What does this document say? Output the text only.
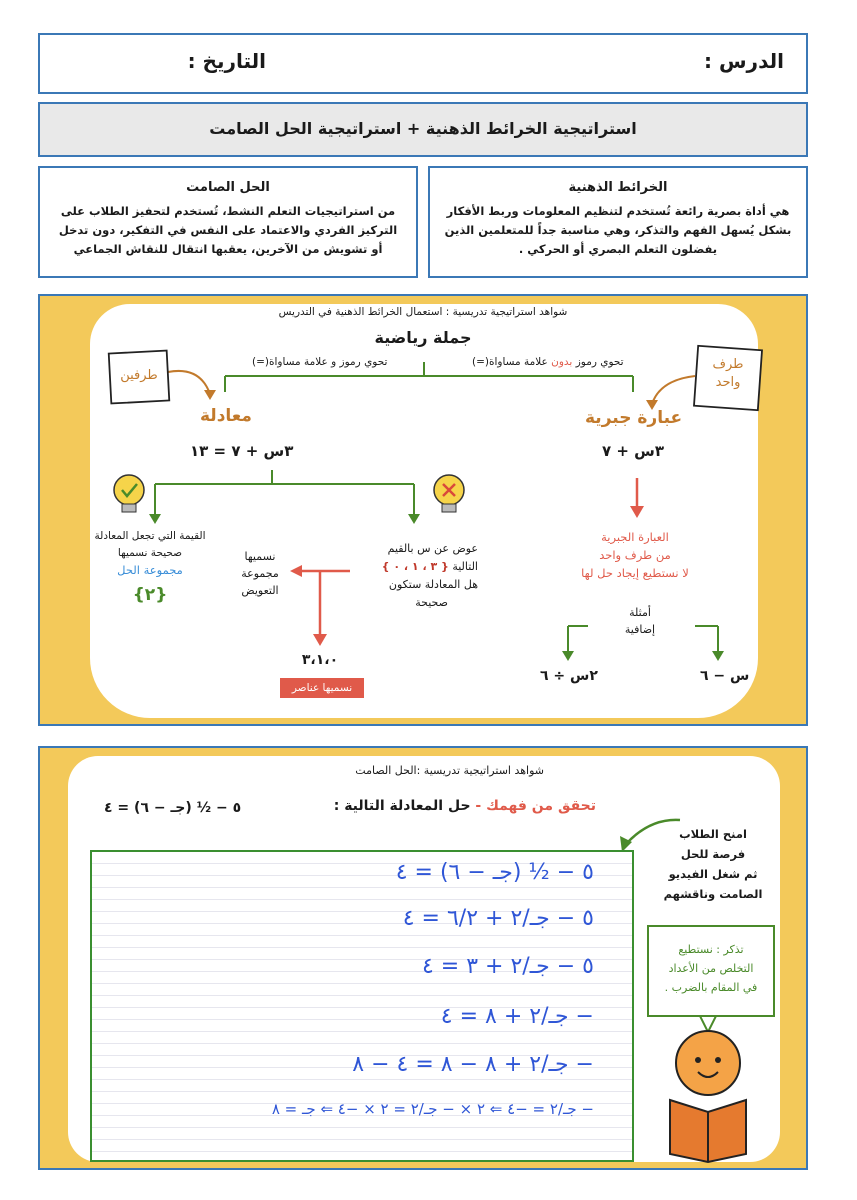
الدرس :
التاريخ :
استراتيجية الخرائط الذهنية + استراتيجية الحل الصامت
الخرائط الذهنية
هي أداة بصرية رائعة تُستخدم لتنظيم المعلومات وربط الأفكار بشكل يُسهل الفهم والتذكر، وهي مناسبة جداً للمتعلمين الذين يفضلون التعلم البصري أو الحركي .
الحل الصامت
من استراتيجيات التعلم النشط، تُستخدم لتحفيز الطلاب على التركيز الفردي والاعتماد على النفس في التفكير، دون تدخل أو تشويش من الآخرين، يعقبها انتقال للنقاش الجماعي
شواهد استراتيجية تدريسية : استعمال الخرائط الذهنية في التدريس
جملة رياضية
تحوي رموز و علامة مساواة(=)	تحوي رموز بدون علامة مساواة(=)
طرفين
طرف
واحد
معادلة	عبارة جبرية
٣س + ٧ = ١٣	٣س + ٧
القيمة التي تجعل المعادلة
صحيحة نسميها
مجموعة الحل
{٢}
عوض عن س بالقيم
التالية { ٣ ، ١ ، ٠ }
هل المعادلة ستكون
صحيحة
نسميها
مجموعة
التعويض
٣،١،٠
نسميها عناصر
العبارة الجبرية
من طرف واحد
لا نستطيع إيجاد حل لها
أمثلة
إضافية
س − ٦
٢س ÷ ٦
شواهد استراتيجية تدريسية :الحل الصامت
تحقق من فهمك - حل المعادلة التالية :
٥ − ½ (جـ − ٦) = ٤
امنح الطلاب
فرصة للحل
ثم شغل الفيديو
الصامت وناقشهم
تذكر : نستطيع
التخلص من الأعداد
في المقام بالضرب .
٥ − ½ (جـ − ٦) = ٤
٥ − جـ/٢ + ٦/٢ = ٤
٥ − جـ/٢ + ٣ = ٤
− جـ/٢ + ٨ = ٤
− جـ/٢ + ٨ − ٨ = ٤ − ٨
− جـ/٢ = −٤ ⇐ ٢ × − جـ/٢ = ٢ × −٤ ⇐ جـ = ٨
